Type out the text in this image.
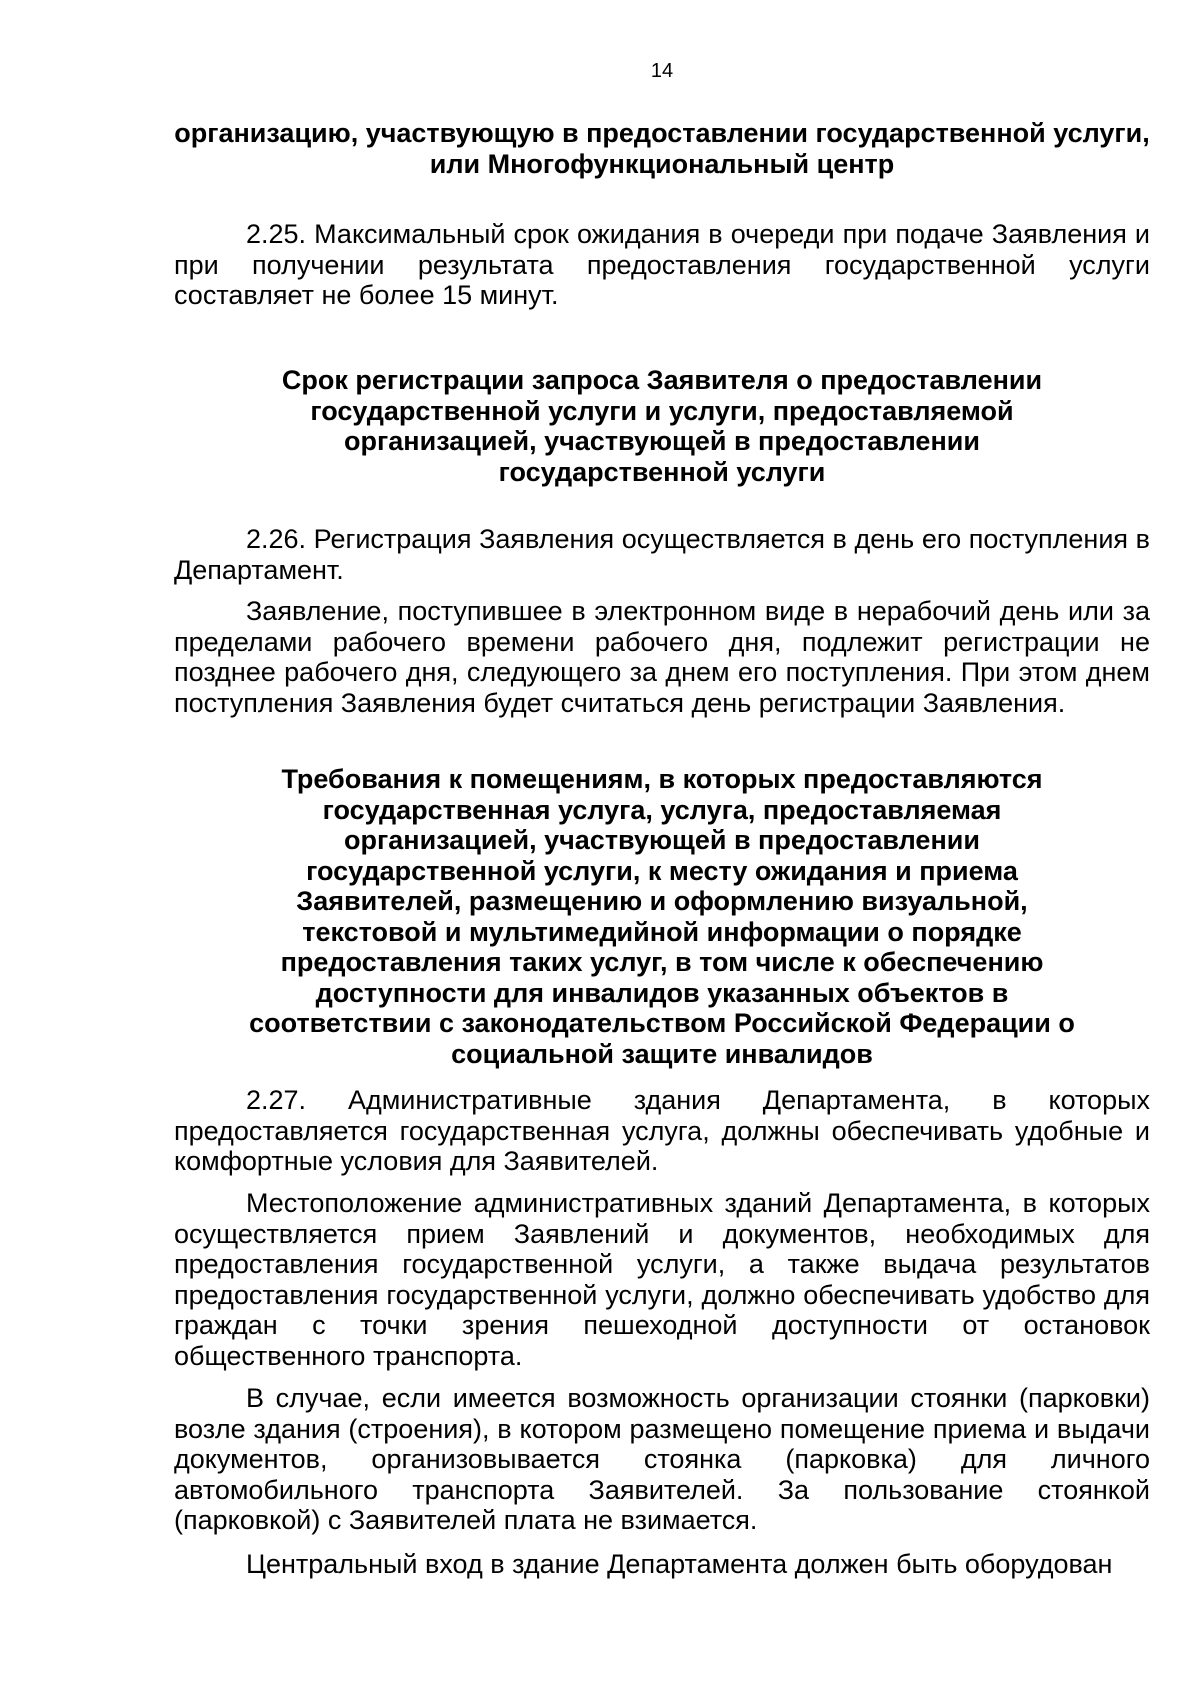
14
организацию, участвующую в предоставлении государственной услуги, или Многофункциональный центр

2.25. Максимальный срок ожидания в очереди при подаче Заявления и при получении результата предоставления государственной услуги составляет не более 15 минут.

Срок регистрации запроса Заявителя о предоставлении государственной услуги и услуги, предоставляемой организацией, участвующей в предоставлении государственной услуги

2.26. Регистрация Заявления осуществляется в день его поступления в Департамент.

Заявление, поступившее в электронном виде в нерабочий день или за пределами рабочего времени рабочего дня, подлежит регистрации не позднее рабочего дня, следующего за днем его поступления. При этом днем поступления Заявления будет считаться день регистрации Заявления.

Требования к помещениям, в которых предоставляются государственная услуга, услуга, предоставляемая организацией, участвующей в предоставлении государственной услуги, к месту ожидания и приема Заявителей, размещению и оформлению визуальной, текстовой и мультимедийной информации о порядке предоставления таких услуг, в том числе к обеспечению доступности для инвалидов указанных объектов в соответствии с законодательством Российской Федерации о социальной защите инвалидов

2.27. Административные здания Департамента, в которых предоставляется государственная услуга, должны обеспечивать удобные и комфортные условия для Заявителей.

Местоположение административных зданий Департамента, в которых осуществляется прием Заявлений и документов, необходимых для предоставления государственной услуги, а также выдача результатов предоставления государственной услуги, должно обеспечивать удобство для граждан с точки зрения пешеходной доступности от остановок общественного транспорта.

В случае, если имеется возможность организации стоянки (парковки) возле здания (строения), в котором размещено помещение приема и выдачи документов, организовывается стоянка (парковка) для личного автомобильного транспорта Заявителей. За пользование стоянкой (парковкой) с Заявителей плата не взимается.

Центральный вход в здание Департамента должен быть оборудован
